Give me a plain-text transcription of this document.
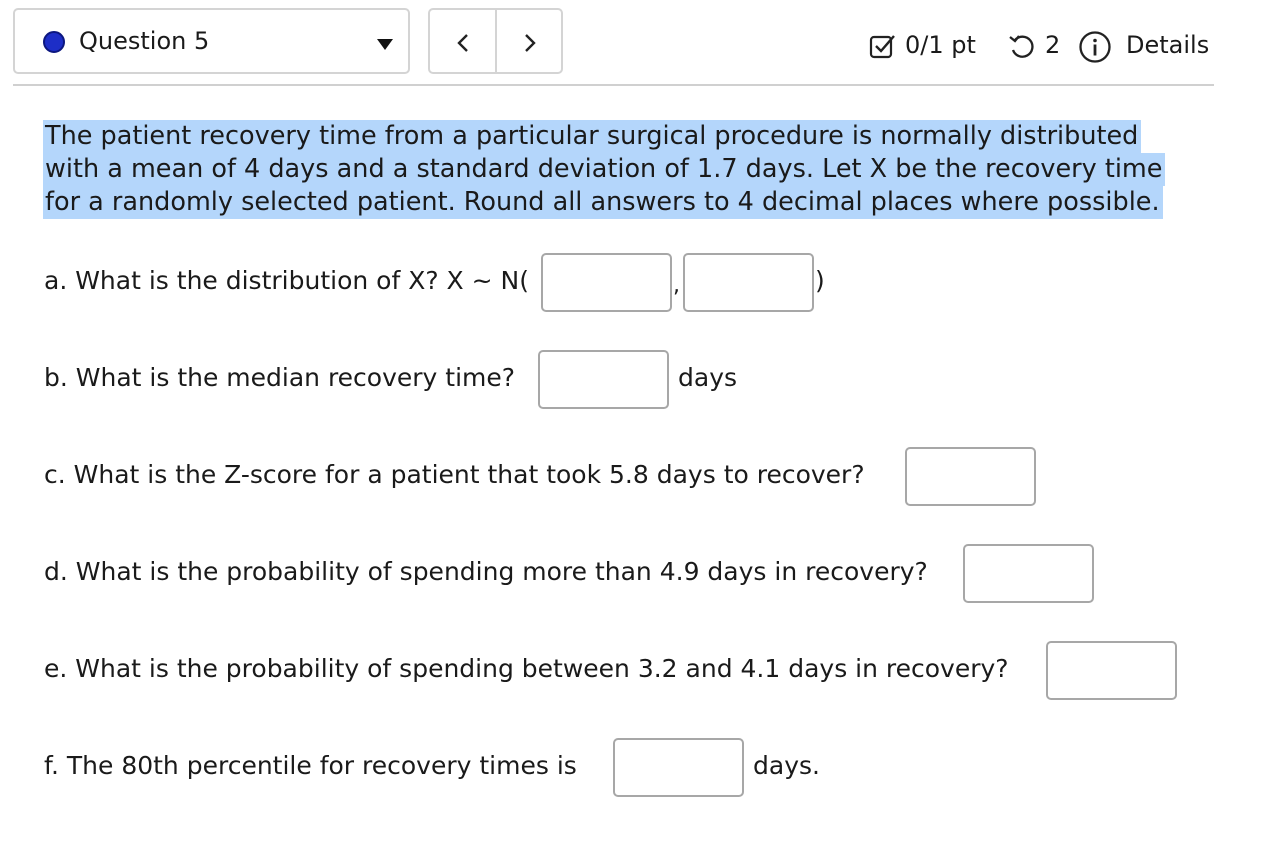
Question 5	0/1 pt	2	Details

The patient recovery time from a particular surgical procedure is normally distributed with a mean of 4 days and a standard deviation of 1.7 days. Let X be the recovery time for a randomly selected patient. Round all answers to 4 decimal places where possible.

a. What is the distribution of X? X ~ N(	,	)
b. What is the median recovery time?	days
c. What is the Z-score for a patient that took 5.8 days to recover?
d. What is the probability of spending more than 4.9 days in recovery?
e. What is the probability of spending between 3.2 and 4.1 days in recovery?
f. The 80th percentile for recovery times is	days.
